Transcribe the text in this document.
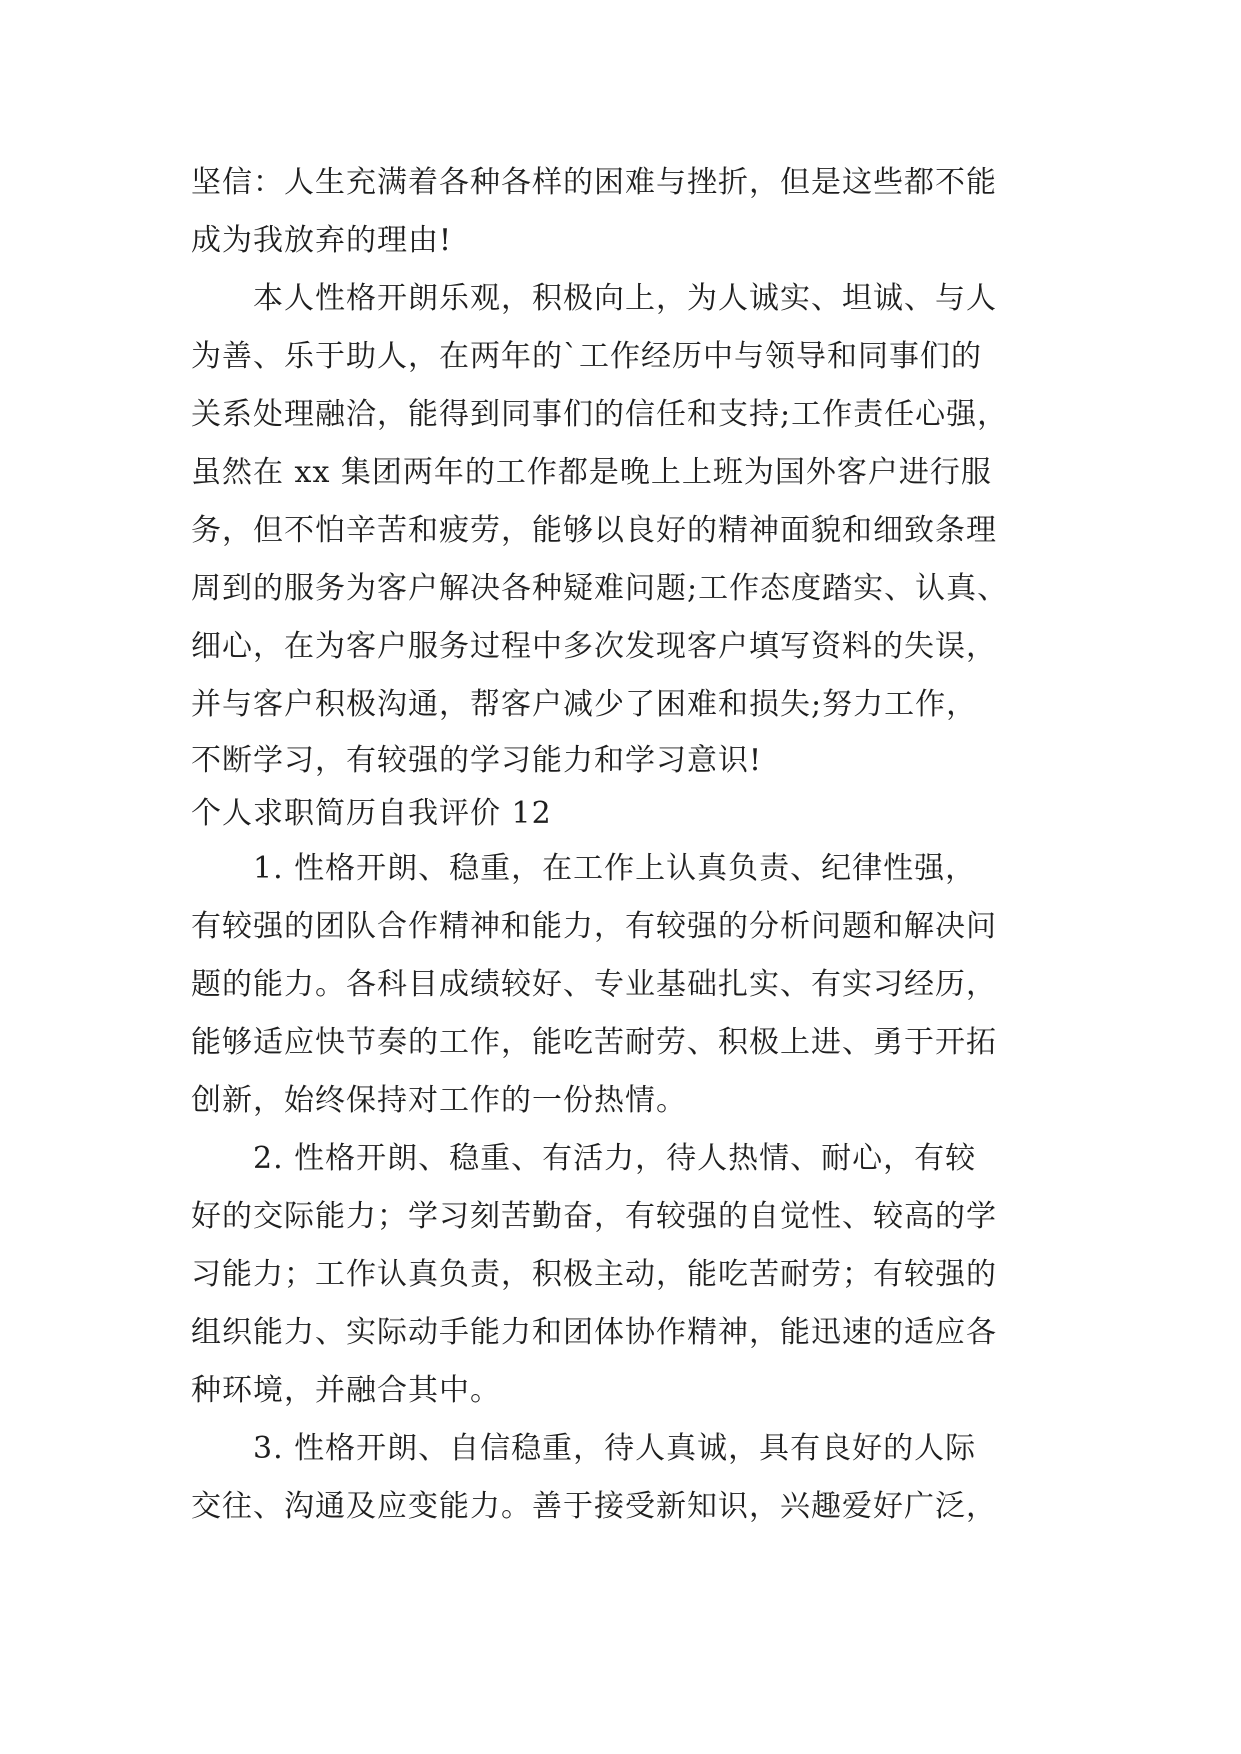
坚信：人生充满着各种各样的困难与挫折，但是这些都不能
成为我放弃的理由!
本人性格开朗乐观，积极向上，为人诚实、坦诚、与人
为善、乐于助人，在两年的`工作经历中与领导和同事们的
关系处理融洽，能得到同事们的信任和支持;工作责任心强，
虽然在 xx 集团两年的工作都是晚上上班为国外客户进行服
务，但不怕辛苦和疲劳，能够以良好的精神面貌和细致条理
周到的服务为客户解决各种疑难问题;工作态度踏实、认真、
细心，在为客户服务过程中多次发现客户填写资料的失误，
并与客户积极沟通，帮客户减少了困难和损失;努力工作，
不断学习，有较强的学习能力和学习意识!
个人求职简历自我评价 12
1. 性格开朗、稳重，在工作上认真负责、纪律性强，
有较强的团队合作精神和能力，有较强的分析问题和解决问
题的能力。各科目成绩较好、专业基础扎实、有实习经历，
能够适应快节奏的工作，能吃苦耐劳、积极上进、勇于开拓
创新，始终保持对工作的一份热情。
2. 性格开朗、稳重、有活力，待人热情、耐心，有较
好的交际能力；学习刻苦勤奋，有较强的自觉性、较高的学
习能力；工作认真负责，积极主动，能吃苦耐劳；有较强的
组织能力、实际动手能力和团体协作精神，能迅速的适应各
种环境，并融合其中。
3. 性格开朗、自信稳重，待人真诚，具有良好的人际
交往、沟通及应变能力。善于接受新知识，兴趣爱好广泛，
